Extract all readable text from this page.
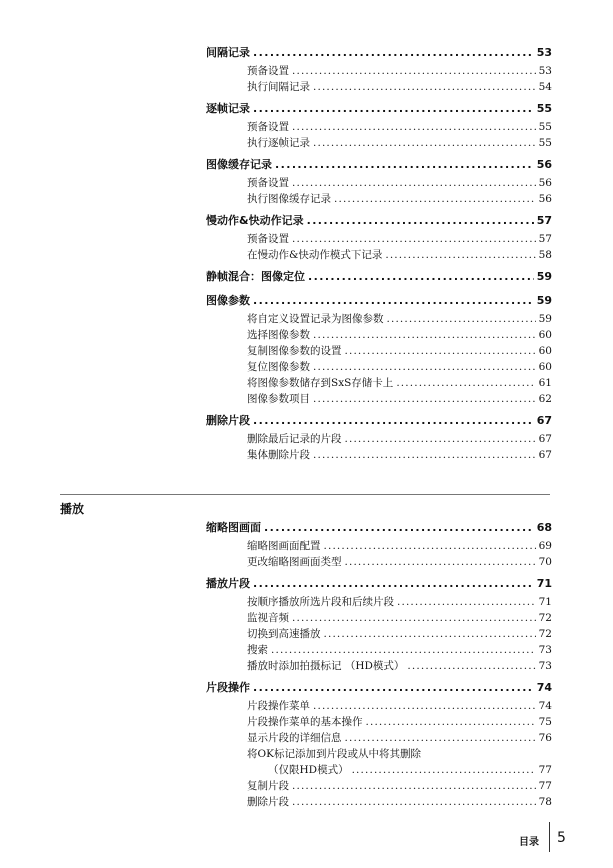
间隔记录 . . .	53
预备设置 . . .	53
执行间隔记录 . . .	54
逐帧记录 . . .	55
预备设置 . . .	55
执行逐帧记录 . . .	55
图像缓存记录 . . .	56
预备设置 . . .	56
执行图像缓存记录 . . .	56
慢动作&快动作记录 . . .	57
预备设置 . . .	57
在慢动作&快动作模式下记录 . . .	58
静帧混合：图像定位 . . .	59
图像参数 . . .	59
将自定义设置记录为图像参数 . . .	59
选择图像参数 . . .	60
复制图像参数的设置 . . .	60
复位图像参数 . . .	60
将图像参数储存到SxS存储卡上 . . .	61
图像参数项目 . . .	62
删除片段 . . .	67
删除最后记录的片段 . . .	67
集体删除片段 . . .	67
播放
缩略图画面 . . .	68
缩略图画面配置 . . .	69
更改缩略图画面类型 . . .	70
播放片段 . . .	71
按顺序播放所选片段和后续片段 . . .	71
监视音频 . . .	72
切换到高速播放 . . .	72
搜索 . . .	73
播放时添加拍摄标记 （HD模式） . . .	73
片段操作 . . .	74
片段操作菜单 . . .	74
片段操作菜单的基本操作 . . .	75
显示片段的详细信息 . . .	76
将OK标记添加到片段或从中将其删除
（仅限HD模式） . . .	77
复制片段 . . .	77
删除片段 . . .	78
目录 5
